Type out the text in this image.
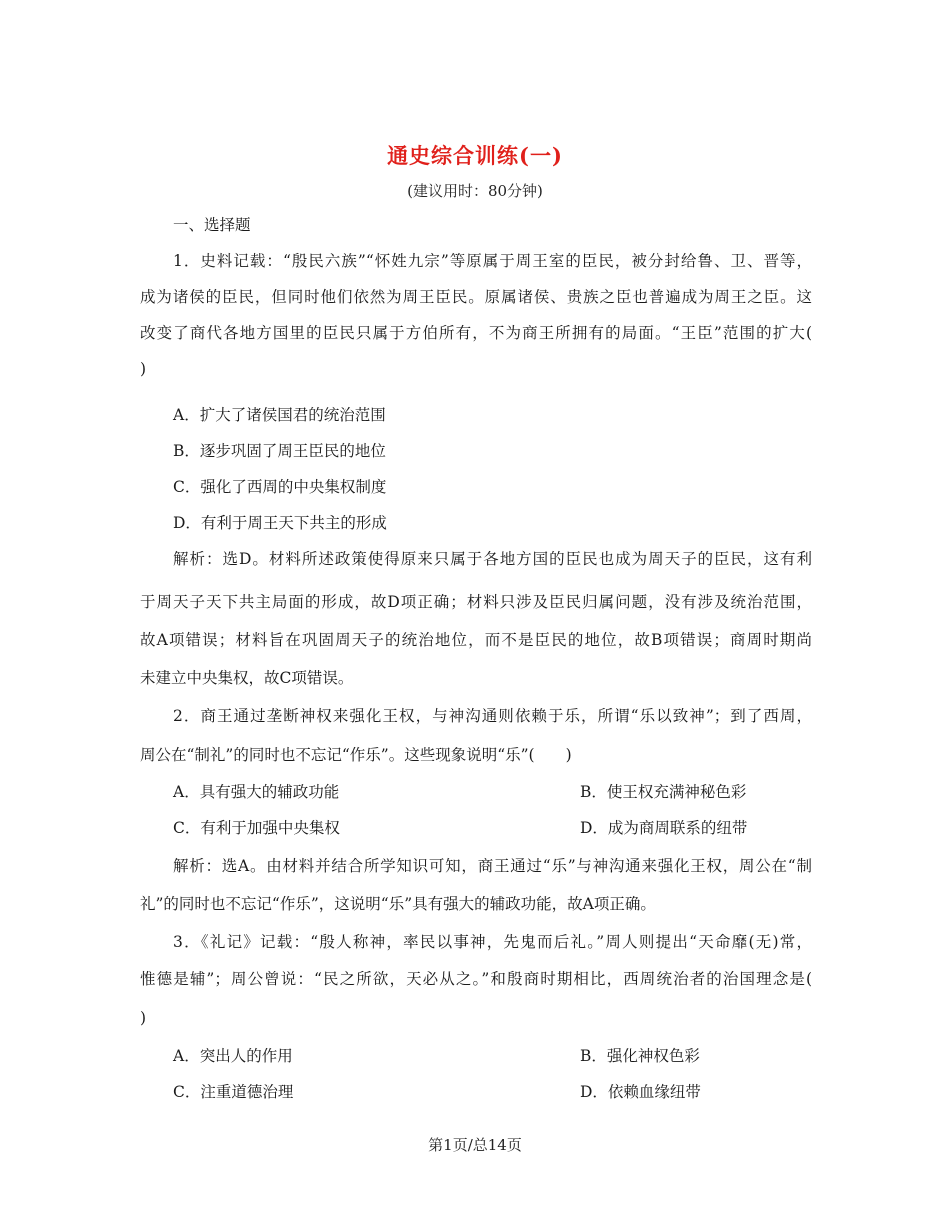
通史综合训练(一)
(建议用时：80分钟)
一、选择题
1．史料记载：“殷民六族”“怀姓九宗”等原属于周王室的臣民，被分封给鲁、卫、晋等，
成为诸侯的臣民，但同时他们依然为周王臣民。原属诸侯、贵族之臣也普遍成为周王之臣。这
改变了商代各地方国里的臣民只属于方伯所有，不为商王所拥有的局面。“王臣”范围的扩大(
)
A．扩大了诸侯国君的统治范围
B．逐步巩固了周王臣民的地位
C．强化了西周的中央集权制度
D．有利于周王天下共主的形成
解析：选D。材料所述政策使得原来只属于各地方国的臣民也成为周天子的臣民，这有利
于周天子天下共主局面的形成，故D项正确；材料只涉及臣民归属问题，没有涉及统治范围，
故A项错误；材料旨在巩固周天子的统治地位，而不是臣民的地位，故B项错误；商周时期尚
未建立中央集权，故C项错误。
2．商王通过垄断神权来强化王权，与神沟通则依赖于乐，所谓“乐以致神”；到了西周，
周公在“制礼”的同时也不忘记“作乐”。这些现象说明“乐”(　　)
A．具有强大的辅政功能	B．使王权充满神秘色彩
C．有利于加强中央集权	D．成为商周联系的纽带
解析：选A。由材料并结合所学知识可知，商王通过“乐”与神沟通来强化王权，周公在“制
礼”的同时也不忘记“作乐”，这说明“乐”具有强大的辅政功能，故A项正确。
3．《礼记》记载：“殷人称神，率民以事神，先鬼而后礼。”周人则提出“天命靡(无)常，
惟德是辅”；周公曾说：“民之所欲，天必从之。”和殷商时期相比，西周统治者的治国理念是(
)
A．突出人的作用	B．强化神权色彩
C．注重道德治理	D．依赖血缘纽带
第1页/总14页
